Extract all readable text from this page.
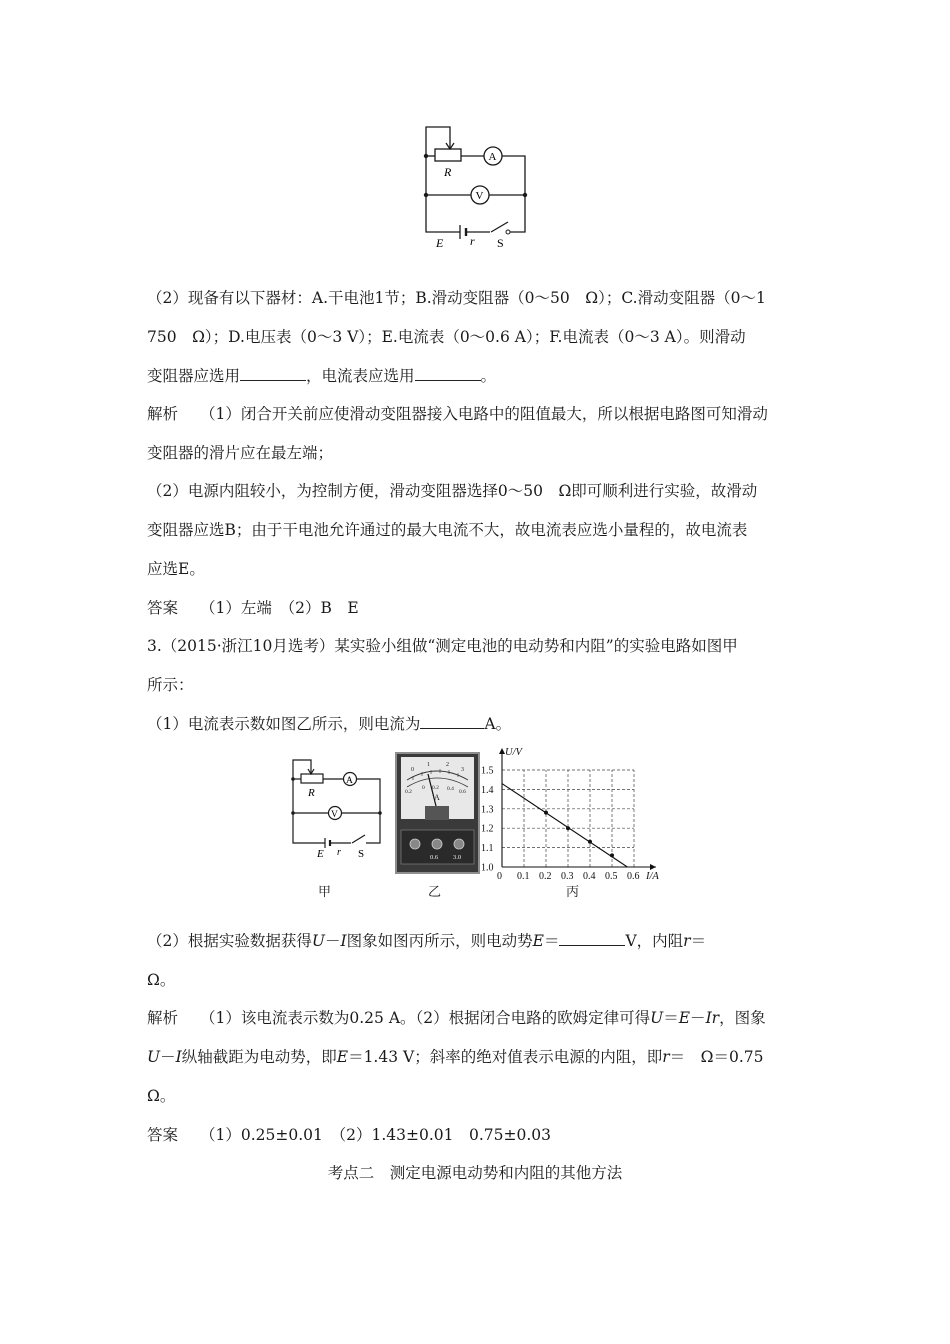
R
A
V
E r S
（2）现备有以下器材：A.干电池1节；B.滑动变阻器（0～50　Ω）；C.滑动变阻器（0～1
750　Ω）；D.电压表（0～3 V）；E.电流表（0～0.6 A）；F.电流表（0～3 A）。则滑动
变阻器应选用	，电流表应选用	。
解析 （1）闭合开关前应使滑动变阻器接入电路中的阻值最大，所以根据电路图可知滑动
变阻器的滑片应在最左端；
（2）电源内阻较小，为控制方便，滑动变阻器选择0～50　Ω即可顺利进行实验，故滑动
变阻器应选B；由于干电池允许通过的最大电流不大，故电流表应选小量程的，故电流表
应选E。
答案 （1）左端　（2）B　E
3.（2015·浙江10月选考）某实验小组做“测定电池的电动势和内阻”的实验电路如图甲
所示：
（1）电流表示数如图乙所示，则电流为	A。
R
A
V
E r S
0
1	2
3
0.2
0 0.2 0.4 0.6
A
0.6 3.0
0 0.1 0.2 0.3 0.4 0.5 0.6
1.0
1.1
1.2
1.3
1.4
1.5
I/A
U/V
甲	乙	丙
（2）根据实验数据获得U－I图象如图丙所示，则电动势E＝	V，内阻r＝
Ω。
解析 （1）该电流表示数为0.25 A。（2）根据闭合电路的欧姆定律可得U＝E－Ir，图象
U－I纵轴截距为电动势，即E＝1.43 V；斜率的绝对值表示电源的内阻，即r＝　Ω＝0.75
Ω。
答案 （1）0.25±0.01　（2）1.43±0.01　0.75±0.03
考点二　测定电源电动势和内阻的其他方法
